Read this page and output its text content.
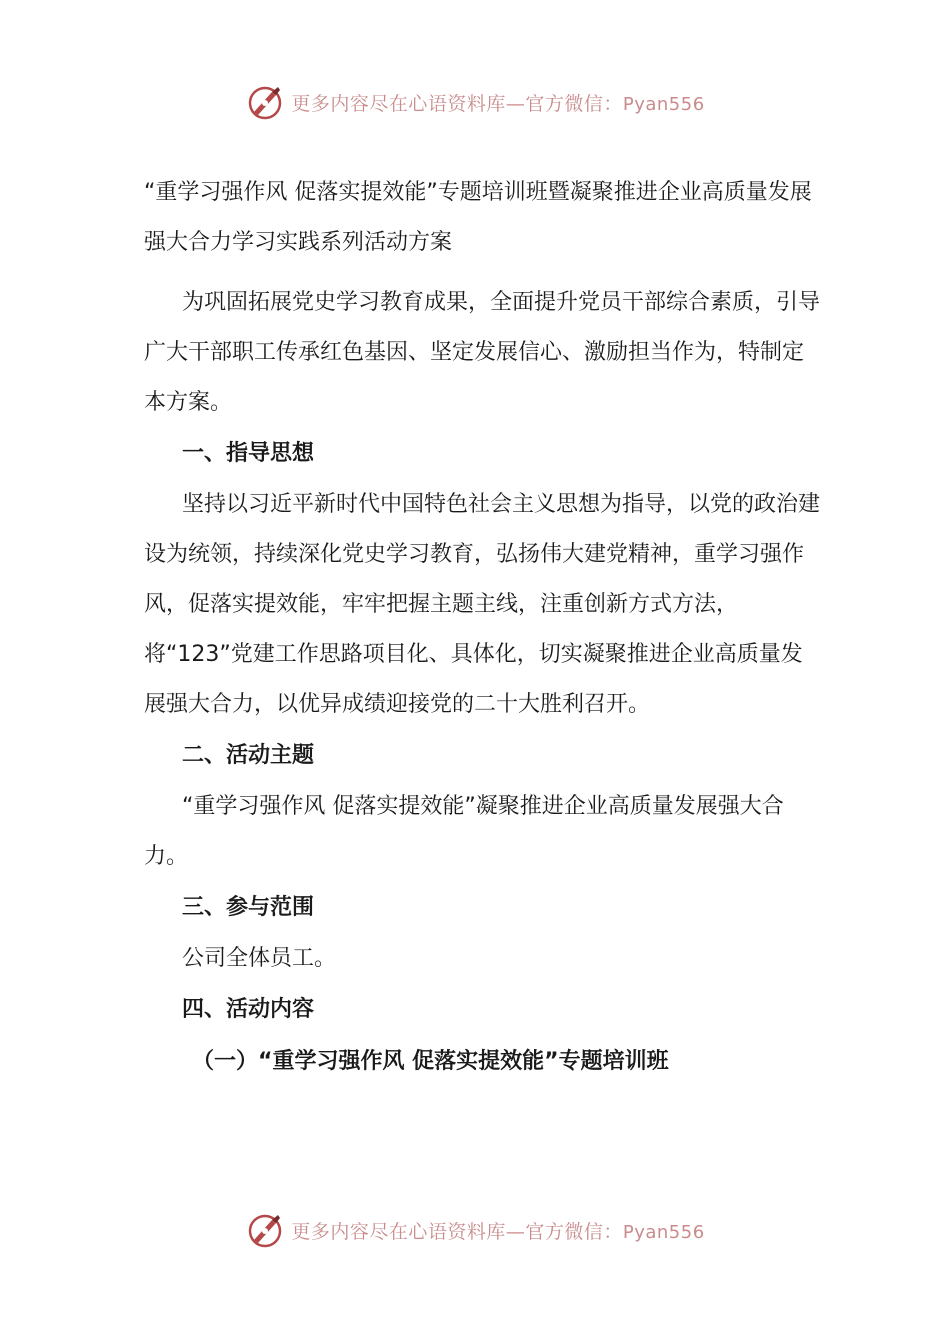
更多内容尽在心语资料库—官方微信：Pyan556
“重学习强作风 促落实提效能”专题培训班暨凝聚推进企业高质量发展强大合力学习实践系列活动方案

为巩固拓展党史学习教育成果，全面提升党员干部综合素质，引导广大干部职工传承红色基因、坚定发展信心、激励担当作为，特制定本方案。

一、指导思想

坚持以习近平新时代中国特色社会主义思想为指导，以党的政治建设为统领，持续深化党史学习教育，弘扬伟大建党精神，重学习强作风，促落实提效能，牢牢把握主题主线，注重创新方式方法，将“123”党建工作思路项目化、具体化，切实凝聚推进企业高质量发展强大合力，以优异成绩迎接党的二十大胜利召开。

二、活动主题

“重学习强作风 促落实提效能”凝聚推进企业高质量发展强大合力。

三、参与范围

公司全体员工。

四、活动内容
（一）“重学习强作风 促落实提效能”专题培训班
更多内容尽在心语资料库—官方微信：Pyan556
